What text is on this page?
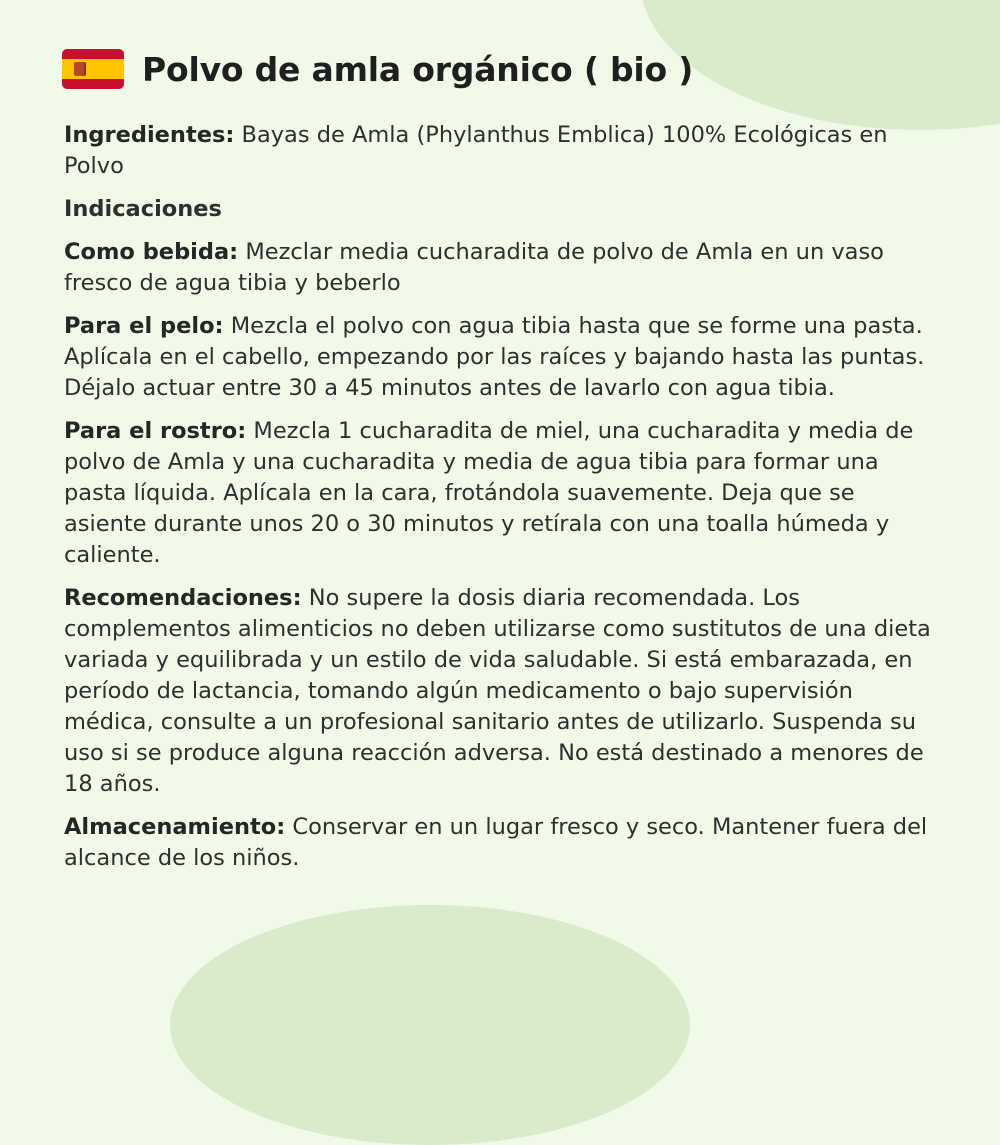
Polvo de amla orgánico ( bio )

Ingredientes: Bayas de Amla (Phylanthus Emblica) 100% Ecológicas en Polvo

Indicaciones

Como bebida: Mezclar media cucharadita de polvo de Amla en un vaso fresco de agua tibia y beberlo

Para el pelo: Mezcla el polvo con agua tibia hasta que se forme una pasta. Aplícala en el cabello, empezando por las raíces y bajando hasta las puntas. Déjalo actuar entre 30 a 45 minutos antes de lavarlo con agua tibia.

Para el rostro: Mezcla 1 cucharadita de miel, una cucharadita y media de polvo de Amla y una cucharadita y media de agua tibia para formar una pasta líquida. Aplícala en la cara, frotándola suavemente. Deja que se asiente durante unos 20 o 30 minutos y retírala con una toalla húmeda y caliente.

Recomendaciones: No supere la dosis diaria recomendada. Los complementos alimenticios no deben utilizarse como sustitutos de una dieta variada y equilibrada y un estilo de vida saludable. Si está embarazada, en período de lactancia, tomando algún medicamento o bajo supervisión médica, consulte a un profesional sanitario antes de utilizarlo. Suspenda su uso si se produce alguna reacción adversa. No está destinado a menores de 18 años.

Almacenamiento: Conservar en un lugar fresco y seco. Mantener fuera del alcance de los niños.
